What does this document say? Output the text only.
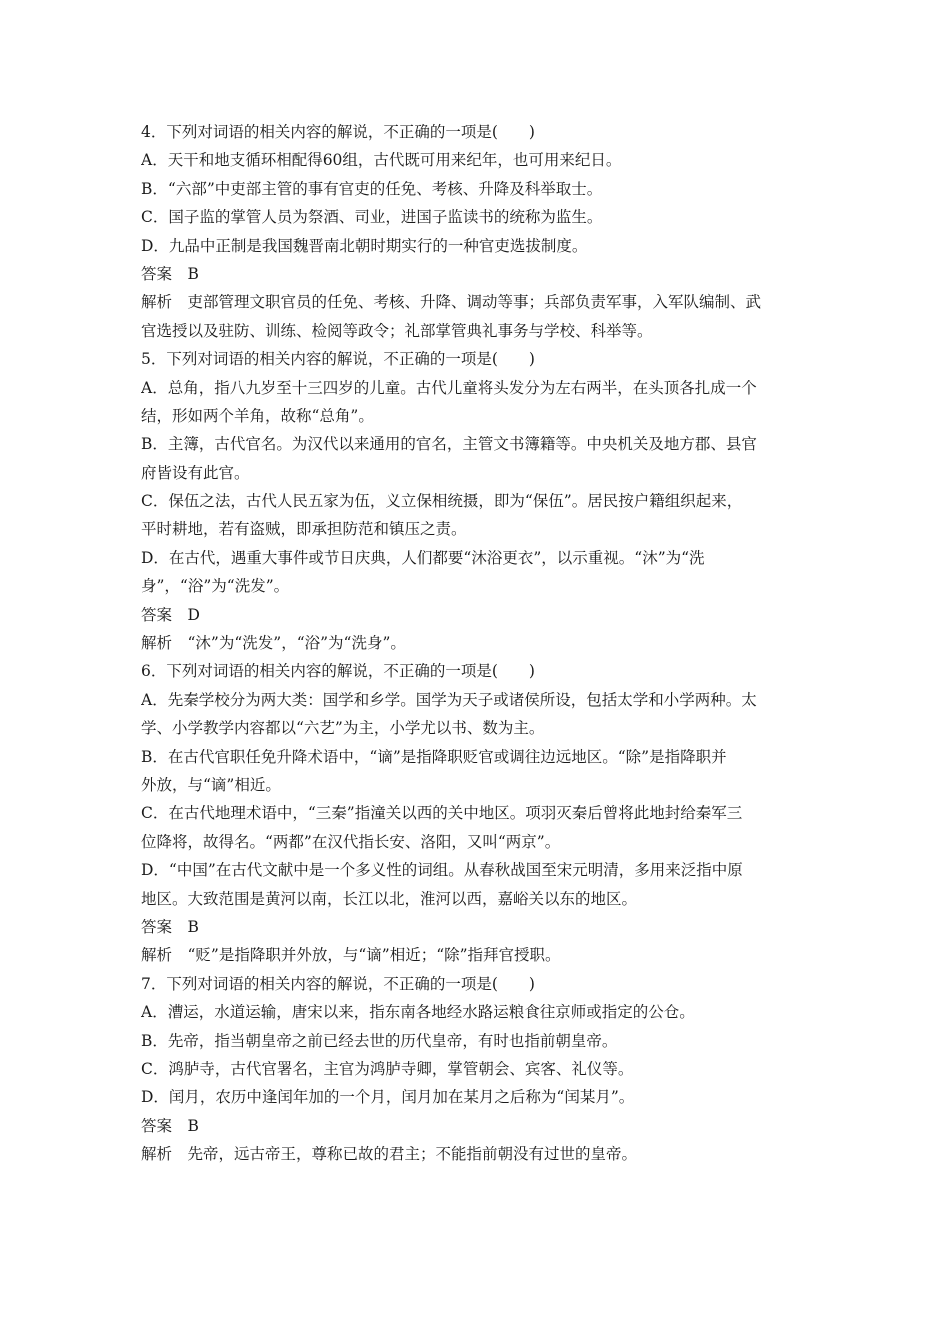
4．下列对词语的相关内容的解说，不正确的一项是(　　)
A．天干和地支循环相配得60组，古代既可用来纪年，也可用来纪日。
B．“六部”中吏部主管的事有官吏的任免、考核、升降及科举取士。
C．国子监的掌管人员为祭酒、司业，进国子监读书的统称为监生。
D．九品中正制是我国魏晋南北朝时期实行的一种官吏选拔制度。
答案　B
解析　吏部管理文职官员的任免、考核、升降、调动等事；兵部负责军事，入军队编制、武
官选授以及驻防、训练、检阅等政令；礼部掌管典礼事务与学校、科举等。
5．下列对词语的相关内容的解说，不正确的一项是(　　)
A．总角，指八九岁至十三四岁的儿童。古代儿童将头发分为左右两半，在头顶各扎成一个
结，形如两个羊角，故称“总角”。
B．主簿，古代官名。为汉代以来通用的官名，主管文书簿籍等。中央机关及地方郡、县官
府皆设有此官。
C．保伍之法，古代人民五家为伍，义立保相统摄，即为“保伍”。居民按户籍组织起来，
平时耕地，若有盗贼，即承担防范和镇压之责。
D．在古代，遇重大事件或节日庆典，人们都要“沐浴更衣”，以示重视。“沐”为“洗
身”，“浴”为“洗发”。
答案　D
解析　“沐”为“洗发”，“浴”为“洗身”。
6．下列对词语的相关内容的解说，不正确的一项是(　　)
A．先秦学校分为两大类：国学和乡学。国学为天子或诸侯所设，包括太学和小学两种。太
学、小学教学内容都以“六艺”为主，小学尤以书、数为主。
B．在古代官职任免升降术语中，“谪”是指降职贬官或调往边远地区。“除”是指降职并
外放，与“谪”相近。
C．在古代地理术语中，“三秦”指潼关以西的关中地区。项羽灭秦后曾将此地封给秦军三
位降将，故得名。“两都”在汉代指长安、洛阳，又叫“两京”。
D．“中国”在古代文献中是一个多义性的词组。从春秋战国至宋元明清，多用来泛指中原
地区。大致范围是黄河以南，长江以北，淮河以西，嘉峪关以东的地区。
答案　B
解析　“贬”是指降职并外放，与“谪”相近；“除”指拜官授职。
7．下列对词语的相关内容的解说，不正确的一项是(　　)
A．漕运，水道运输，唐宋以来，指东南各地经水路运粮食往京师或指定的公仓。
B．先帝，指当朝皇帝之前已经去世的历代皇帝，有时也指前朝皇帝。
C．鸿胪寺，古代官署名，主官为鸿胪寺卿，掌管朝会、宾客、礼仪等。
D．闰月，农历中逢闰年加的一个月，闰月加在某月之后称为“闰某月”。
答案　B
解析　先帝，远古帝王，尊称已故的君主；不能指前朝没有过世的皇帝。
